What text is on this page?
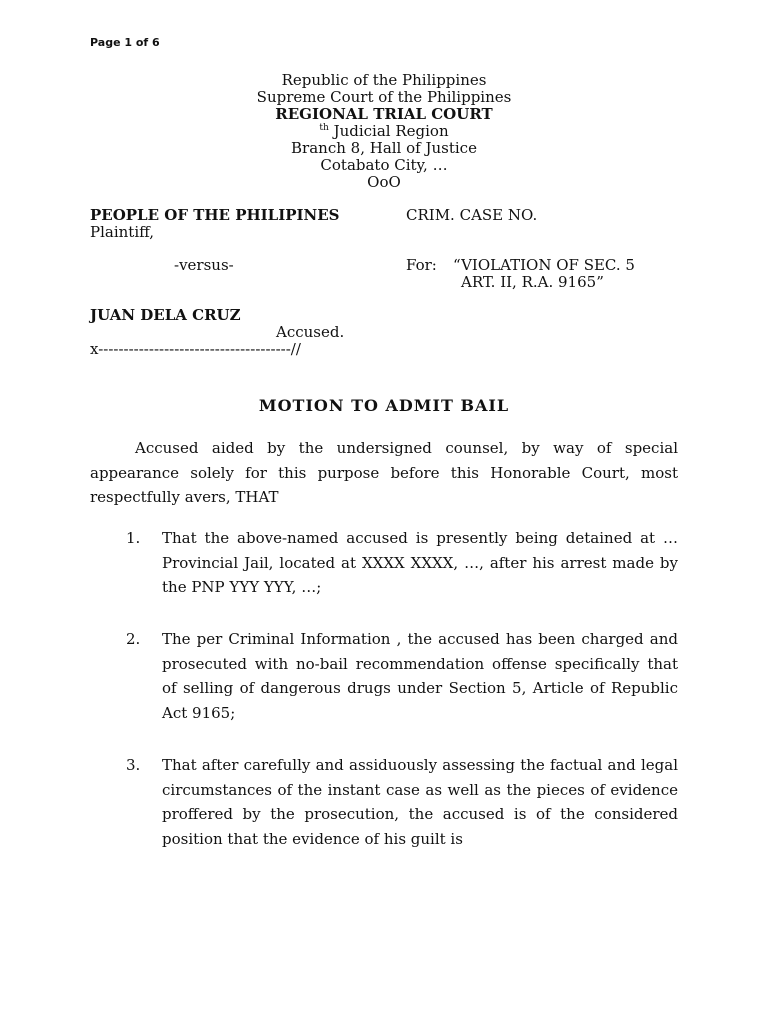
Page 1 of 6
Republic of the Philippines
Supreme Court of the Philippines
REGIONAL TRIAL COURT
$^{th}$ Judicial Region
Branch 8, Hall of Justice
Cotabato City, …
OoO
PEOPLE OF THE PHILIPINES
Plaintiff,
CRIM. CASE NO.
-versus-	For: “VIOLATION OF SEC. 5
ART. II, R.A. 9165”
JUAN DELA CRUZ
Accused.
x--------------------------------------//
MOTION TO ADMIT BAIL
Accused aided by the undersigned counsel, by way of special appearance solely for this purpose before this Honorable Court, most respectfully avers, THAT
1. That the above-named accused is presently being detained at … Provincial Jail, located at XXXX XXXX, …, after his arrest made by the PNP YYY YYY, …;
2. The per Criminal Information , the accused has been charged and prosecuted with no-bail recommendation offense specifically that of selling of dangerous drugs under Section 5, Article of Republic Act 9165;
3. That after carefully and assiduously assessing the factual and legal circumstances of the instant case as well as the pieces of evidence proffered by the prosecution, the accused is of the considered position that the evidence of his guilt is
